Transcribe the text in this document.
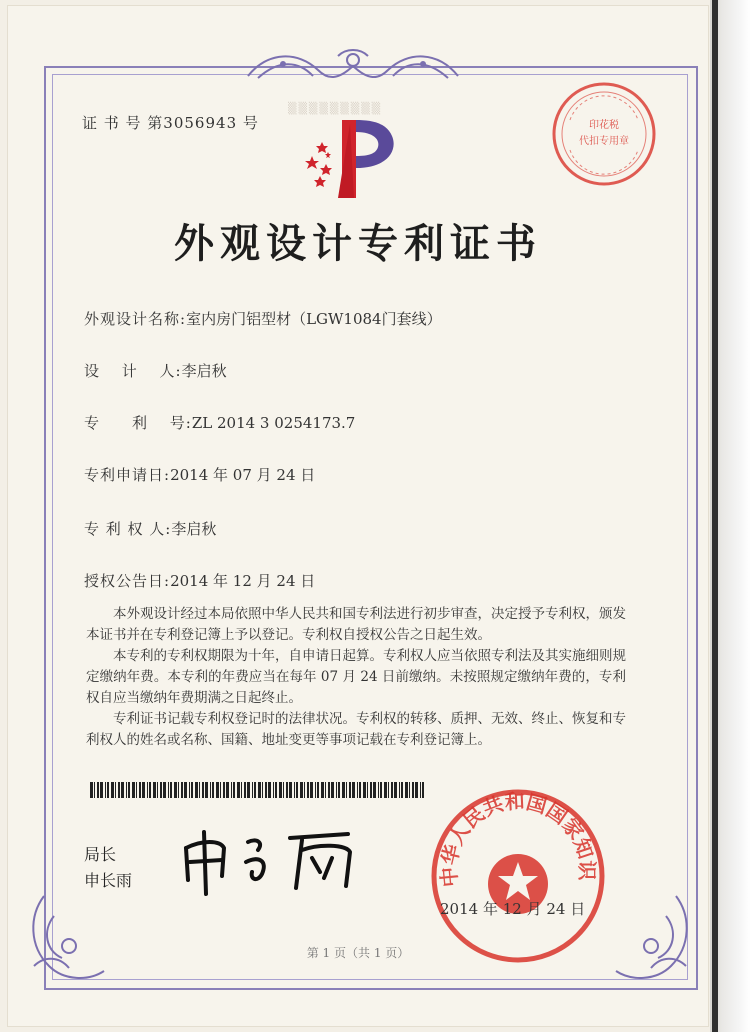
证 书 号 第3056943 号
▒▒▒▒▒▒▒▒▒
印花税
代扣专用章
外观设计专利证书
外观设计名称:室内房门铝型材（LGW1084门套线）
设　 计　 人:李启秋
专　　利　 号:ZL 2014 3 0254173.7
专利申请日:2014 年 07 月 24 日
专 利 权 人:李启秋
授权公告日:2014 年 12 月 24 日

本外观设计经过本局依照中华人民共和国专利法进行初步审查，决定授予专利权，颁发本证书并在专利登记簿上予以登记。专利权自授权公告之日起生效。

本专利的专利权期限为十年，自申请日起算。专利权人应当依照专利法及其实施细则规定缴纳年费。本专利的年费应当在每年 07 月 24 日前缴纳。未按照规定缴纳年费的，专利权自应当缴纳年费期满之日起终止。

专利证书记载专利权登记时的法律状况。专利权的转移、质押、无效、终止、恢复和专利权人的姓名或名称、国籍、地址变更等事项记载在专利登记簿上。

局长
申长雨	中华人民共和国国家知识
2014 年 12 月 24 日
第 1 页（共 1 页）
